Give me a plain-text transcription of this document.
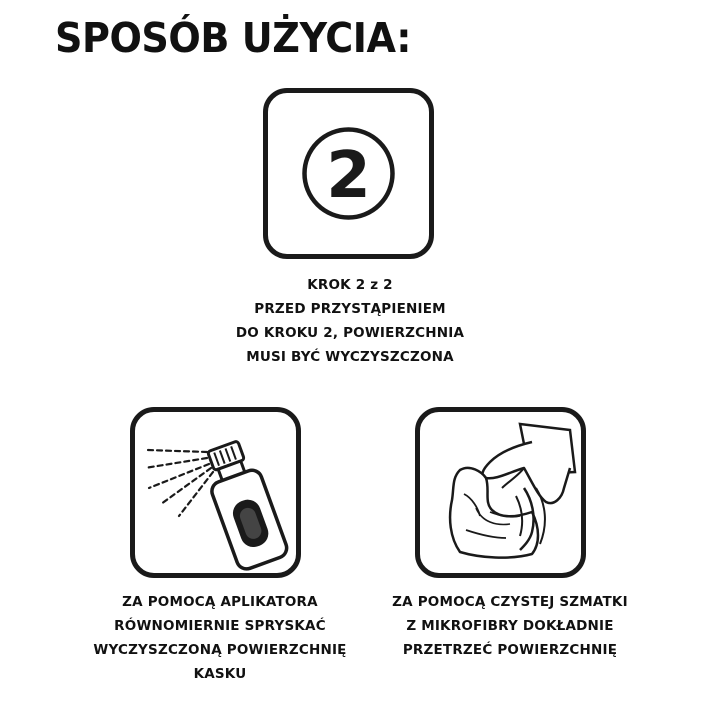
SPOSÓB UŻYCIA:
2
KROK 2 z 2
PRZED PRZYSTĄPIENIEM
DO KROKU 2, POWIERZCHNIA
MUSI BYĆ WYCZYSZCZONA
ZA POMOCĄ APLIKATORA
RÓWNOMIERNIE SPRYSKAĆ
WYCZYSZCZONĄ POWIERZCHNIĘ
KASKU
ZA POMOCĄ CZYSTEJ SZMATKI
Z MIKROFIBRY DOKŁADNIE
PRZETRZEĆ POWIERZCHNIĘ
